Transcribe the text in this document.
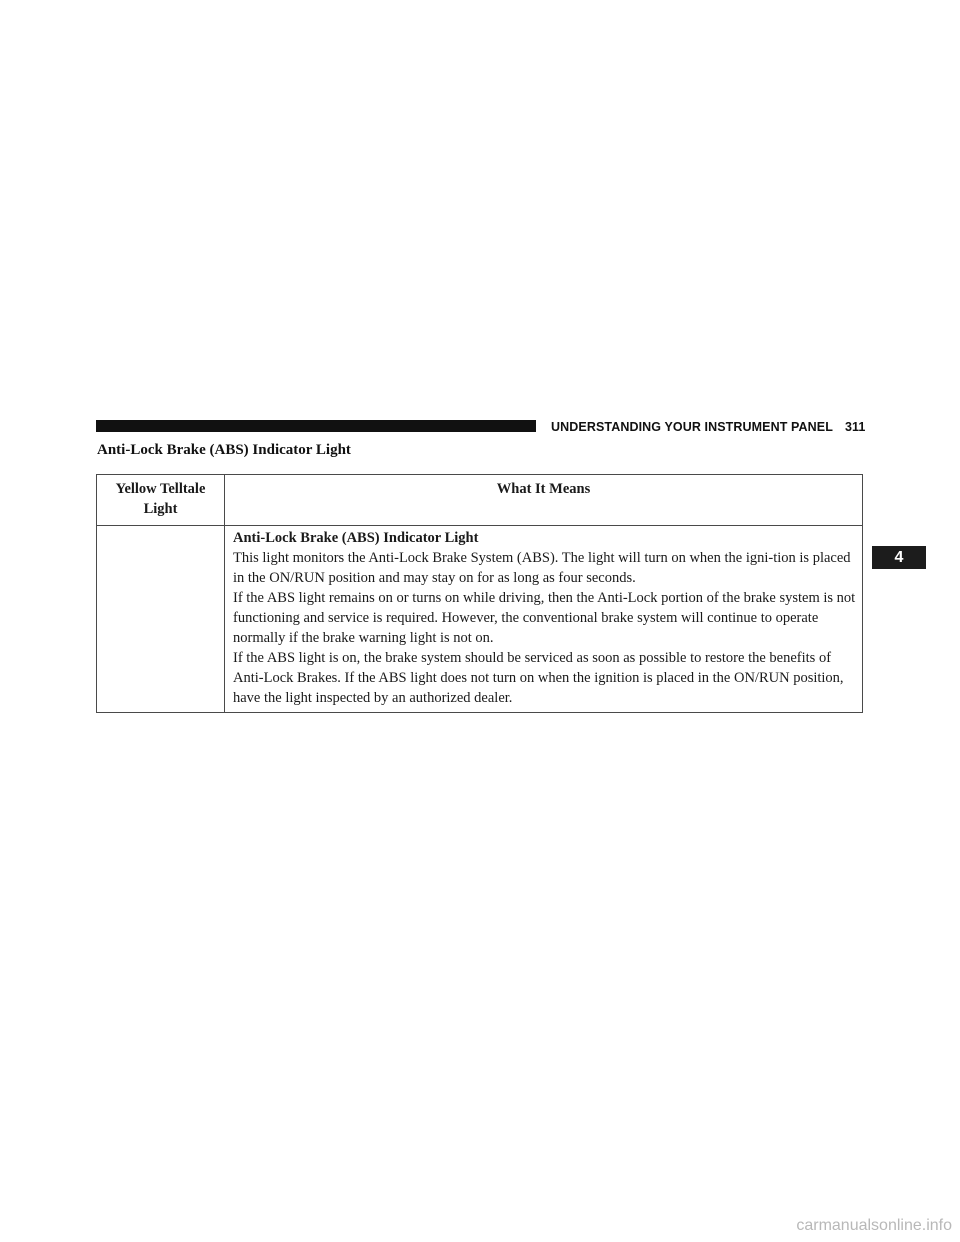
UNDERSTANDING YOUR INSTRUMENT PANEL 311
Anti-Lock Brake (ABS) Indicator Light
4
Yellow Telltale
Light	What It Means

	Anti-Lock Brake (ABS) Indicator Light

This light monitors the Anti-Lock Brake System (ABS). The light will turn on when the igni-tion is placed in the ON/RUN position and may stay on for as long as four seconds.

If the ABS light remains on or turns on while driving, then the Anti-Lock portion of the brake system is not functioning and service is required. However, the conventional brake system will continue to operate normally if the brake warning light is not on.

If the ABS light is on, the brake system should be serviced as soon as possible to restore the benefits of Anti-Lock Brakes. If the ABS light does not turn on when the ignition is placed in the ON/RUN position, have the light inspected by an authorized dealer.

carmanualsonline.info
